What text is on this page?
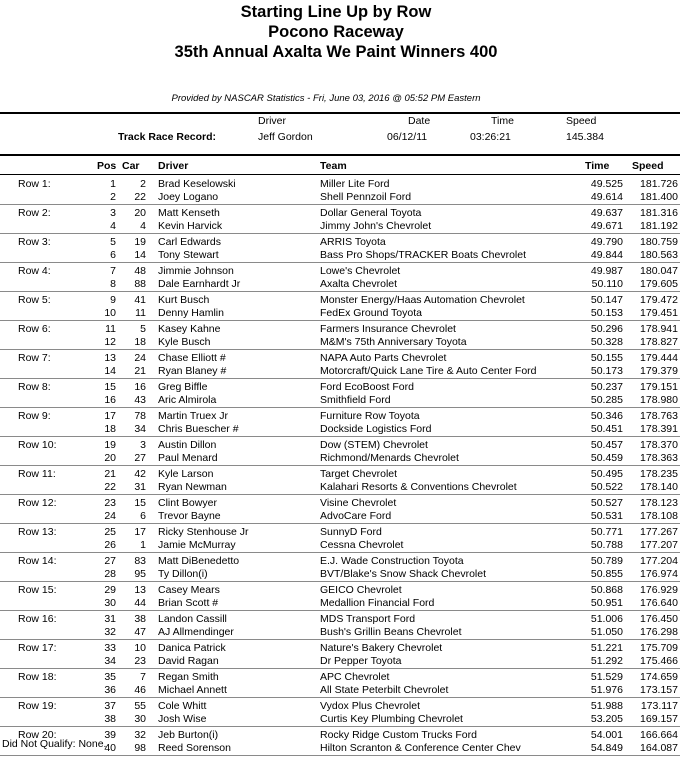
Starting Line Up by Row
Pocono Raceway
35th Annual Axalta We Paint Winners 400
Provided by NASCAR Statistics - Fri, June 03, 2016 @ 05:52 PM Eastern
Driver	Date	Time	Speed
Track Race Record:	Jeff Gordon	06/12/11	03:26:21	145.384
Pos Car Driver	Team	Time Speed
Row 1:	1	2 Brad Keselowski	Miller Lite Ford	49.525	181.726
2	22 Joey Logano	Shell Pennzoil Ford	49.614	181.400
Row 2:	3	20 Matt Kenseth	Dollar General Toyota	49.637	181.316
4	4 Kevin Harvick	Jimmy John's Chevrolet	49.671	181.192
Row 3:	5	19 Carl Edwards	ARRIS Toyota	49.790	180.759
6	14 Tony Stewart	Bass Pro Shops/TRACKER Boats Chevrolet	49.844	180.563
Row 4:	7	48 Jimmie Johnson	Lowe's Chevrolet	49.987	180.047
8	88 Dale Earnhardt Jr	Axalta Chevrolet	50.110	179.605
Row 5:	9	41 Kurt Busch	Monster Energy/Haas Automation Chevrolet	50.147	179.472
10	11 Denny Hamlin	FedEx Ground Toyota	50.153	179.451
Row 6:	11	5 Kasey Kahne	Farmers Insurance Chevrolet	50.296	178.941
12	18 Kyle Busch	M&M's 75th Anniversary Toyota	50.328	178.827
Row 7:	13	24 Chase Elliott #	NAPA Auto Parts Chevrolet	50.155	179.444
14	21 Ryan Blaney #	Motorcraft/Quick Lane Tire & Auto Center Ford	50.173	179.379
Row 8:	15	16 Greg Biffle	Ford EcoBoost Ford	50.237	179.151
16	43 Aric Almirola	Smithfield Ford	50.285	178.980
Row 9:	17	78 Martin Truex Jr	Furniture Row Toyota	50.346	178.763
18	34 Chris Buescher #	Dockside Logistics Ford	50.451	178.391
Row 10:	19	3 Austin Dillon	Dow (STEM) Chevrolet	50.457	178.370
20	27 Paul Menard	Richmond/Menards Chevrolet	50.459	178.363
Row 11:	21	42 Kyle Larson	Target Chevrolet	50.495	178.235
22	31 Ryan Newman	Kalahari Resorts & Conventions Chevrolet	50.522	178.140
Row 12:	23	15 Clint Bowyer	Visine Chevrolet	50.527	178.123
24	6 Trevor Bayne	AdvoCare Ford	50.531	178.108
Row 13:	25	17 Ricky Stenhouse Jr	SunnyD Ford	50.771	177.267
26	1 Jamie McMurray	Cessna Chevrolet	50.788	177.207
Row 14:	27	83 Matt DiBenedetto	E.J. Wade Construction Toyota	50.789	177.204
28	95 Ty Dillon(i)	BVT/Blake's Snow Shack Chevrolet	50.855	176.974
Row 15:	29	13 Casey Mears	GEICO Chevrolet	50.868	176.929
30	44 Brian Scott #	Medallion Financial Ford	50.951	176.640
Row 16:	31	38 Landon Cassill	MDS Transport Ford	51.006	176.450
32	47 AJ Allmendinger	Bush's Grillin Beans Chevrolet	51.050	176.298
Row 17:	33	10 Danica Patrick	Nature's Bakery Chevrolet	51.221	175.709
34	23 David Ragan	Dr Pepper Toyota	51.292	175.466
Row 18:	35	7 Regan Smith	APC Chevrolet	51.529	174.659
36	46 Michael Annett	All State Peterbilt Chevrolet	51.976	173.157
Row 19:	37	55 Cole Whitt	Vydox Plus Chevrolet	51.988	173.117
38	30 Josh Wise	Curtis Key Plumbing Chevrolet	53.205	169.157
Row 20:	39	32 Jeb Burton(i)	Rocky Ridge Custom Trucks Ford	54.001	166.664
40	98 Reed Sorenson	Hilton Scranton & Conference Center Chev	54.849	164.087
Did Not Qualify: None.
